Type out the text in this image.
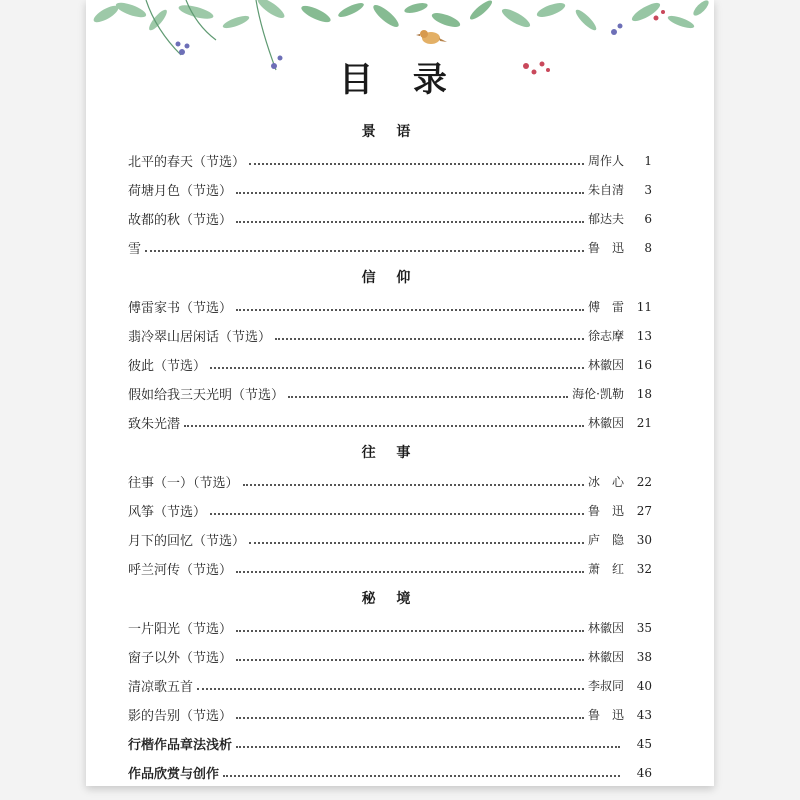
目 录
景 语
北平的春天（节选）	周作人	1
荷塘月色（节选）	朱自清	3
故都的秋（节选）	郁达夫	6
雪	鲁　迅	8
信 仰
傅雷家书（节选）	傅　雷	11
翡冷翠山居闲话（节选）	徐志摩	13
彼此（节选）	林徽因	16
假如给我三天光明（节选）	海伦·凯勒	18
致朱光潜	林徽因	21
往 事
往事（一）（节选）	冰　心	22
风筝（节选）	鲁　迅	27
月下的回忆（节选）	庐　隐	30
呼兰河传（节选）	萧　红	32
秘 境
一片阳光（节选）	林徽因	35
窗子以外（节选）	林徽因	38
清凉歌五首	李叔同	40
影的告别（节选）	鲁　迅	43
行楷作品章法浅析	45
作品欣赏与创作	46
